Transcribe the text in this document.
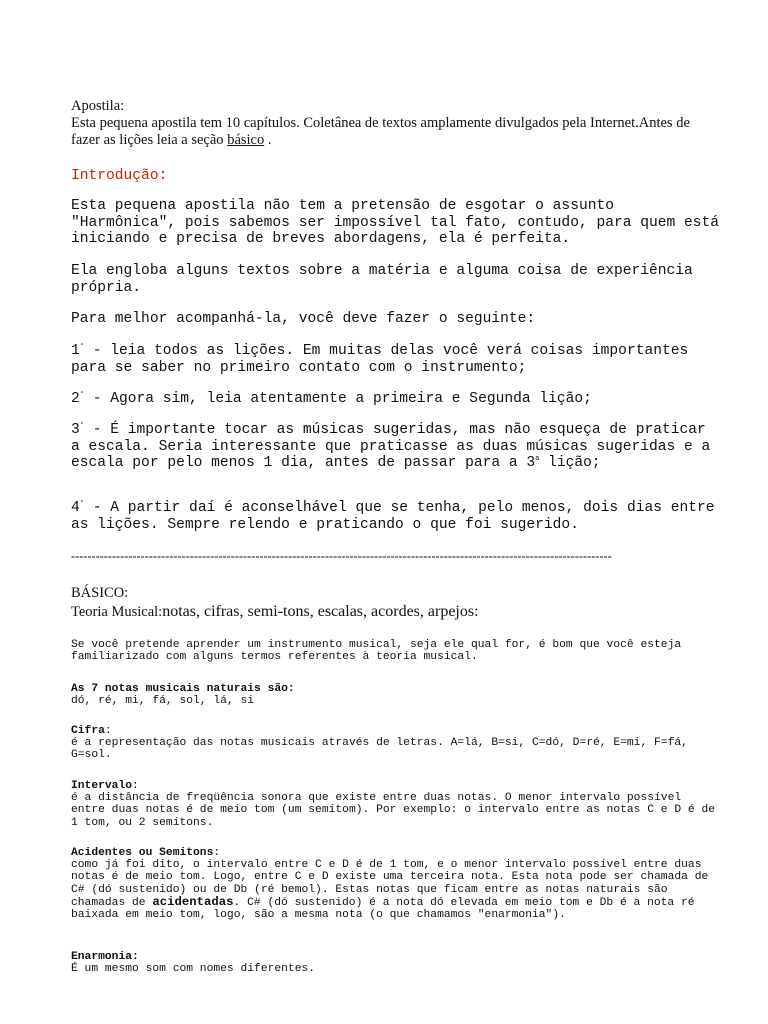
Apostila:
Esta pequena apostila tem 10 capítulos. Coletânea de textos amplamente divulgados pela Internet.Antes de
fazer as lições leia a seção básico .
Introdução:
Esta pequena apostila não tem a pretensão de esgotar o assunto "Harmônica", pois sabemos ser impossível tal fato, contudo, para quem está iniciando e precisa de breves abordagens, ela é perfeita.
Ela engloba alguns textos sobre a matéria e alguma coisa de experiência própria.
Para melhor acompanhá-la, você deve fazer o seguinte:
1° - leia todos as lições. Em muitas delas você verá coisas importantes para se saber no primeiro contato com o instrumento;
2° - Agora sim, leia atentamente a primeira e Segunda lição;
3° - É importante tocar as músicas sugeridas, mas não esqueça de praticar a escala. Seria interessante que praticasse as duas músicas sugeridas e a escala por pelo menos 1 dia, antes de passar para a 3$^a$ lição;
4° - A partir daí é aconselhável que se tenha, pelo menos, dois dias entre as lições. Sempre relendo e praticando o que foi sugerido.
------------------------------------------------------------------------------------------------------------------------------------
BÁSICO:
Teoria Musical:notas, cifras, semi-tons, escalas, acordes, arpejos:
Se você pretende aprender um instrumento musical, seja ele qual for, é bom que você esteja familiarizado com alguns termos referentes à teoria musical.
As 7 notas musicais naturais são:
dó, ré, mi, fá, sol, lá, si
Cifra:
é a representação das notas musicais através de letras. A=lá, B=si, C=dó, D=ré, E=mi, F=fá, G=sol.
Intervalo:
é a distância de freqüência sonora que existe entre duas notas. O menor intervalo possível entre duas notas é de meio tom (um semitom). Por exemplo: o intervalo entre as notas C e D é de 1 tom, ou 2 semitons.
Acidentes ou Semitons:
como já foi dito, o intervalo entre C e D é de 1 tom, e o menor intervalo possível entre duas notas é de meio tom. Logo, entre C e D existe uma terceira nota. Esta nota pode ser chamada de C# (dó sustenido) ou de Db (ré bemol). Estas notas que ficam entre as notas naturais são chamadas de acidentadas. C# (dó sustenido) é a nota dó elevada em meio tom e Db é a nota ré baixada em meio tom, logo, são a mesma nota (o que chamamos "enarmonia").
Enarmonia:
É um mesmo som com nomes diferentes.
